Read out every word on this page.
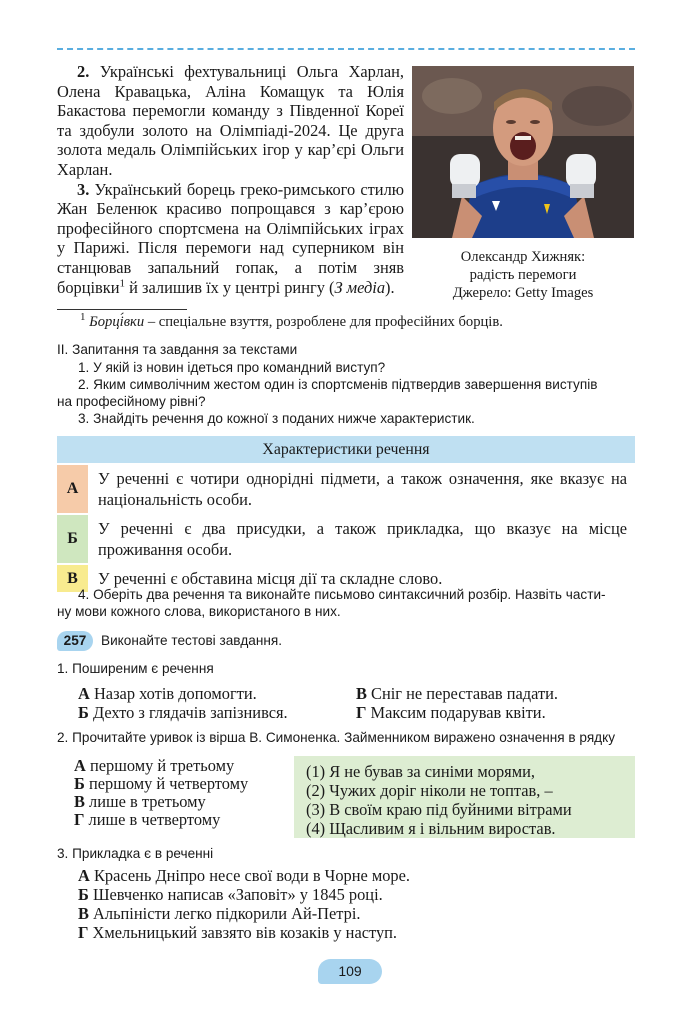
2. Українські фехтувальниці Ольга Харлан, Олена Кравацька, Аліна Комащук та Юлія Бакастова перемогли команду з Південної Кореї та здобули золото на Олімпіаді-2024. Це друга золота медаль Олімпійських ігор у кар’єрі Ольги Харлан.

3. Український борець греко-римського стилю Жан Беленюк красиво попрощався з кар’єрою професійного спортсмена на Олімпійських іграх у Парижі. Після перемоги над суперником він станцював запальний гопак, а потім зняв борцівки$^1$ й залишив їх у центрі рингу (З медіа).

Олександр Хижняк:
радість перемоги
Джерело: Getty Images
$^1$ Борці́вки – спеціальне взуття, розроблене для професійних борців.
ІІ. Запитання та завдання за текстами
1. У якій із новин ідеться про командний виступ?
2. Яким символічним жестом один із спортсменів підтвердив завершення виступів
на професійному рівні?
3. Знайдіть речення до кожної з поданих нижче характеристик.
Характеристики речення
А
У реченні є чотири однорідні підмети, а також означення, яке вказує на національність особи.
Б
У реченні є два присудки, а також прикладка, що вказує на місце проживання особи.
В	У реченні є обставина місця дії та складне слово.
4. Оберіть два речення та виконайте письмово синтаксичний розбір. Назвіть части-
ну мови кожного слова, використаного в них.
257	Виконайте тестові завдання.
1. Поширеним є речення
А Назар хотів допомогти.
Б Дехто з глядачів запізнився.
В Сніг не переставав падати.
Г Максим подарував квіти.
2. Прочитайте уривок із вірша В. Симоненка. Займенником виражено означення в рядку
А першому й третьому
Б першому й четвертому
В лише в третьому
Г лише в четвертому
(1) Я не бував за синіми морями,
(2) Чужих доріг ніколи не топтав, –
(3) В своїм краю під буйними вітрами
(4) Щасливим я і вільним виростав.
3. Прикладка є в реченні
А Красень Дніпро несе свої води в Чорне море.
Б Шевченко написав «Заповіт» у 1845 році.
В Альпіністи легко підкорили Ай-Петрі.
Г Хмельницький завзято вів козаків у наступ.
109
